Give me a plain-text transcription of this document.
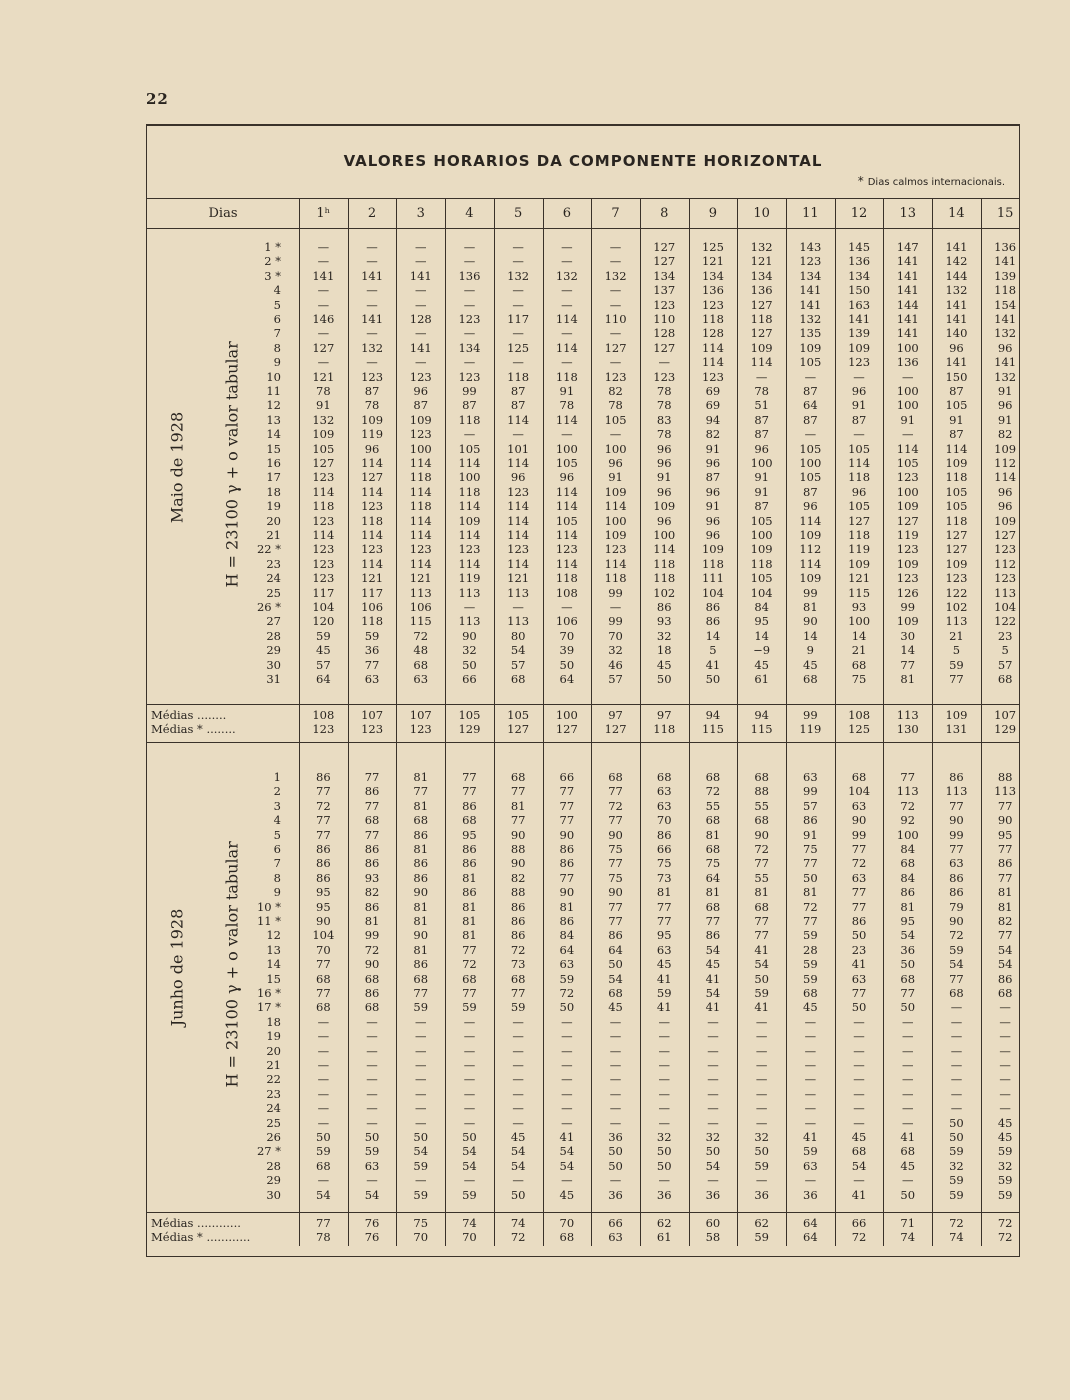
22
VALORES HORARIOS DA COMPONENTE HORIZONTAL
* Dias calmos internacionais.
Dias	1ʰ	2	3	4	5	6	7	8	9	10	11	12	13	14	15
Maio de 1928 H = 23100 γ + o valor tabular
1 *	—	—	—	—	—	—	—	127	125	132	143	145	147	141	136
2 *	—	—	—	—	—	—	—	127	121	121	123	136	141	142	141
3 *	141	141	141	136	132	132	132	134	134	134	134	134	141	144	139
4	—	—	—	—	—	—	—	137	136	136	141	150	141	132	118
5	—	—	—	—	—	—	—	123	123	127	141	163	144	141	154
6	146	141	128	123	117	114	110	110	118	118	132	141	141	141	141
7	—	—	—	—	—	—	—	128	128	127	135	139	141	140	132
8	127	132	141	134	125	114	127	127	114	109	109	109	100	96	96
9	—	—	—	—	—	—	—	—	114	114	105	123	136	141	141
10	121	123	123	123	118	118	123	123	123	—	—	—	—	150	132
11	78	87	96	99	87	91	82	78	69	78	87	96	100	87	91
12	91	78	87	87	87	78	78	78	69	51	64	91	100	105	96
13	132	109	109	118	114	114	105	83	94	87	87	87	91	91	91
14	109	119	123	—	—	—	—	78	82	87	—	—	—	87	82
15	105	96	100	105	101	100	100	96	91	96	105	105	114	114	109
16	127	114	114	114	114	105	96	96	96	100	100	114	105	109	112
17	123	127	118	100	96	96	91	91	87	91	105	118	123	118	114
18	114	114	114	118	123	114	109	96	96	91	87	96	100	105	96
19	118	123	118	114	114	114	114	109	91	87	96	105	109	105	96
20	123	118	114	109	114	105	100	96	96	105	114	127	127	118	109
21	114	114	114	114	114	114	109	100	96	100	109	118	119	127	127
22 *	123	123	123	123	123	123	123	114	109	109	112	119	123	127	123
23	123	114	114	114	114	114	114	118	118	118	114	109	109	109	112
24	123	121	121	119	121	118	118	118	111	105	109	121	123	123	123
25	117	117	113	113	113	108	99	102	104	104	99	115	126	122	113
26 *	104	106	106	—	—	—	—	86	86	84	81	93	99	102	104
27	120	118	115	113	113	106	99	93	86	95	90	100	109	113	122
28	59	59	72	90	80	70	70	32	14	14	14	14	30	21	23
29	45	36	48	32	54	39	32	18	5	−9	9	21	14	5	5
30	57	77	68	50	57	50	46	45	41	45	45	68	77	59	57
31	64	63	63	66	68	64	57	50	50	61	68	75	81	77	68
Médias ........	108	107	107	105	105	100	97	97	94	94	99	108	113	109	107
Médias * ........	123	123	123	129	127	127	127	118	115	115	119	125	130	131	129
Junho de 1928 H = 23100 γ + o valor tabular
1	86	77	81	77	68	66	68	68	68	68	63	68	77	86	88
2	77	86	77	77	77	77	77	63	72	88	99	104	113	113	113
3	72	77	81	86	81	77	72	63	55	55	57	63	72	77	77
4	77	68	68	68	77	77	77	70	68	68	86	90	92	90	90
5	77	77	86	95	90	90	90	86	81	90	91	99	100	99	95
6	86	86	81	86	88	86	75	66	68	72	75	77	84	77	77
7	86	86	86	86	90	86	77	75	75	77	77	72	68	63	86
8	86	93	86	81	82	77	75	73	64	55	50	63	84	86	77
9	95	82	90	86	88	90	90	81	81	81	81	77	86	86	81
10 *	95	86	81	81	86	81	77	77	68	68	72	77	81	79	81
11 *	90	81	81	81	86	86	77	77	77	77	77	86	95	90	82
12	104	99	90	81	86	84	86	95	86	77	59	50	54	72	77
13	70	72	81	77	72	64	64	63	54	41	28	23	36	59	54
14	77	90	86	72	73	63	50	45	45	54	59	41	50	54	54
15	68	68	68	68	68	59	54	41	41	50	59	63	68	77	86
16 *	77	86	77	77	77	72	68	59	54	59	68	77	77	68	68
17 *	68	68	59	59	59	50	45	41	41	41	45	50	50	—	—
18	—	—	—	—	—	—	—	—	—	—	—	—	—	—	—
19	—	—	—	—	—	—	—	—	—	—	—	—	—	—	—
20	—	—	—	—	—	—	—	—	—	—	—	—	—	—	—
21	—	—	—	—	—	—	—	—	—	—	—	—	—	—	—
22	—	—	—	—	—	—	—	—	—	—	—	—	—	—	—
23	—	—	—	—	—	—	—	—	—	—	—	—	—	—	—
24	—	—	—	—	—	—	—	—	—	—	—	—	—	—	—
25	—	—	—	—	—	—	—	—	—	—	—	—	—	50	45
26	50	50	50	50	45	41	36	32	32	32	41	45	41	50	45
27 *	59	59	54	54	54	54	50	50	50	50	59	68	68	59	59
28	68	63	59	54	54	54	50	50	54	59	63	54	45	32	32
29	—	—	—	—	—	—	—	—	—	—	—	—	—	59	59
30	54	54	59	59	50	45	36	36	36	36	36	41	50	59	59
Médias ............	77	76	75	74	74	70	66	62	60	62	64	66	71	72	72
Médias * ............	78	76	70	70	72	68	63	61	58	59	64	72	74	74	72
